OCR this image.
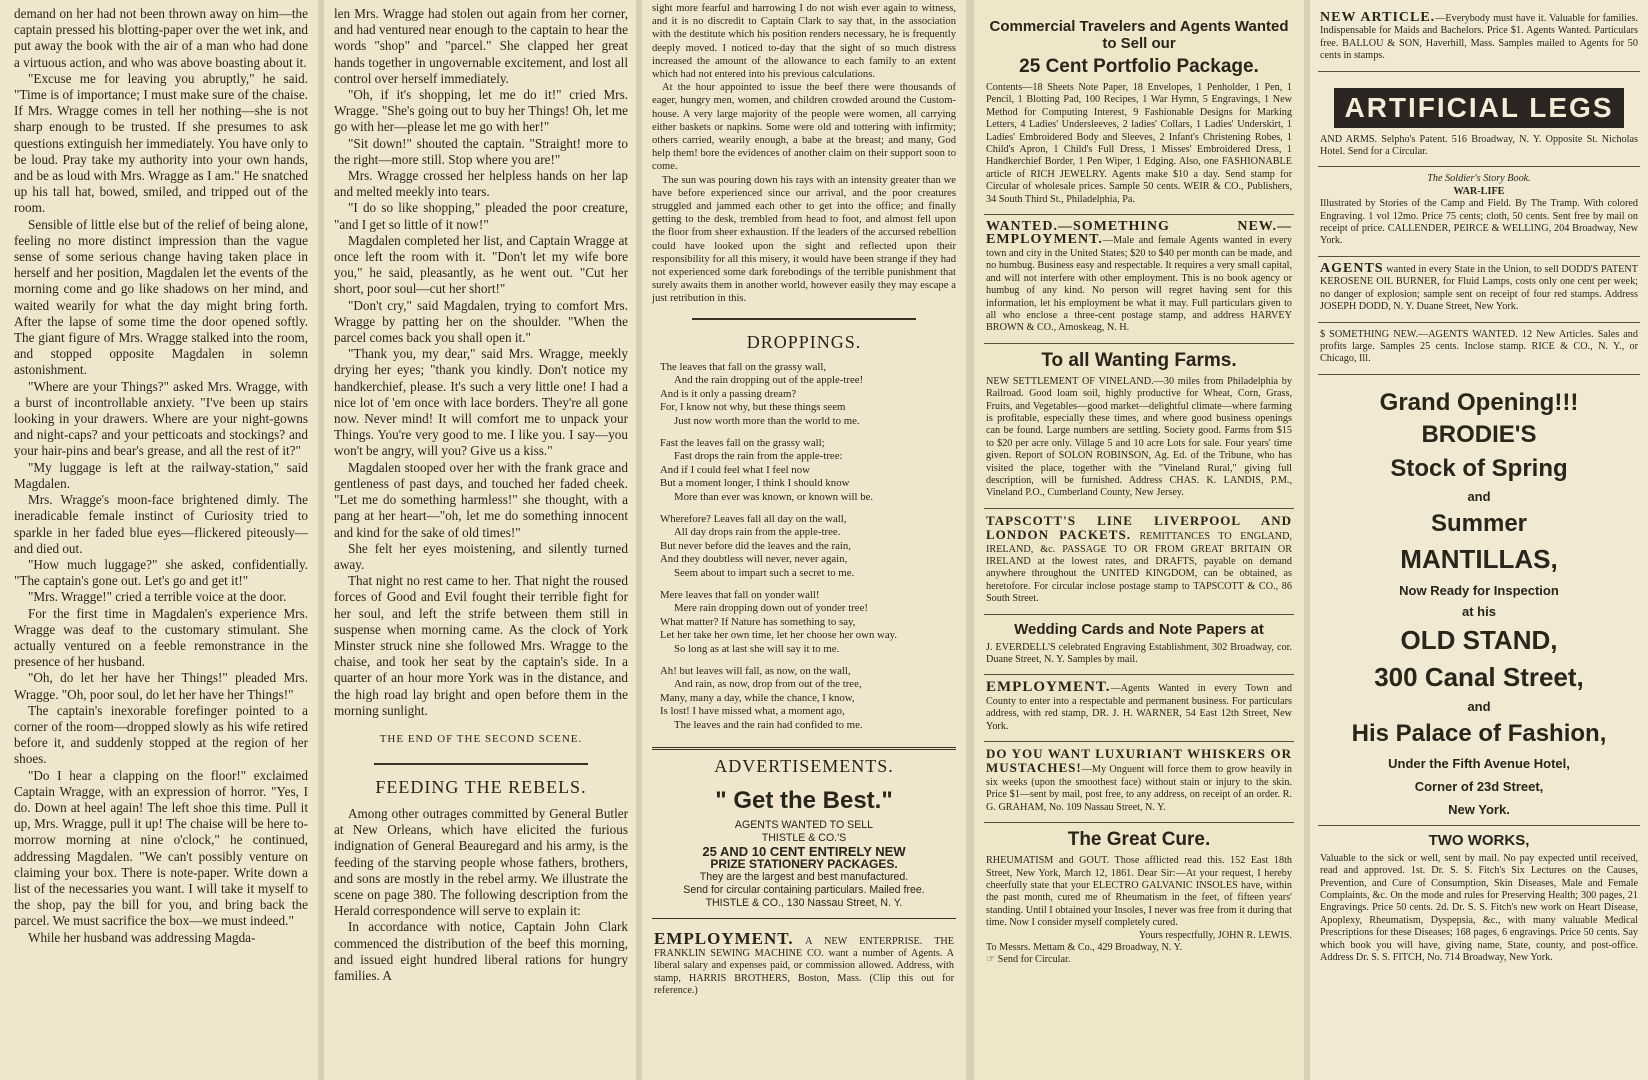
demand on her had not been thrown away on him—the captain pressed his blotting-paper over the wet ink, and put away the book with the air of a man who had done a virtuous action, and who was above boasting about it.

"Excuse me for leaving you abruptly," he said. "Time is of importance; I must make sure of the chaise. If Mrs. Wragge comes in tell her nothing—she is not sharp enough to be trusted. If she presumes to ask questions extinguish her immediately. You have only to be loud. Pray take my authority into your own hands, and be as loud with Mrs. Wragge as I am." He snatched up his tall hat, bowed, smiled, and tripped out of the room.

Sensible of little else but of the relief of being alone, feeling no more distinct impression than the vague sense of some serious change having taken place in herself and her position, Magdalen let the events of the morning come and go like shadows on her mind, and waited wearily for what the day might bring forth. After the lapse of some time the door opened softly. The giant figure of Mrs. Wragge stalked into the room, and stopped opposite Magdalen in solemn astonishment.

"Where are your Things?" asked Mrs. Wragge, with a burst of incontrollable anxiety. "I've been up stairs looking in your drawers. Where are your night-gowns and night-caps? and your petticoats and stockings? and your hair-pins and bear's grease, and all the rest of it?"

"My luggage is left at the railway-station," said Magdalen.

Mrs. Wragge's moon-face brightened dimly. The ineradicable female instinct of Curiosity tried to sparkle in her faded blue eyes—flickered piteously—and died out.

"How much luggage?" she asked, confidentially. "The captain's gone out. Let's go and get it!"

"Mrs. Wragge!" cried a terrible voice at the door.

For the first time in Magdalen's experience Mrs. Wragge was deaf to the customary stimulant. She actually ventured on a feeble remonstrance in the presence of her husband.

"Oh, do let her have her Things!" pleaded Mrs. Wragge. "Oh, poor soul, do let her have her Things!"

The captain's inexorable forefinger pointed to a corner of the room—dropped slowly as his wife retired before it, and suddenly stopped at the region of her shoes.

"Do I hear a clapping on the floor!" exclaimed Captain Wragge, with an expression of horror. "Yes, I do. Down at heel again! The left shoe this time. Pull it up, Mrs. Wragge, pull it up! The chaise will be here to-morrow morning at nine o'clock," he continued, addressing Magdalen. "We can't possibly venture on claiming your box. There is note-paper. Write down a list of the necessaries you want. I will take it myself to the shop, pay the bill for you, and bring back the parcel. We must sacrifice the box—we must indeed."

While her husband was addressing Magda-

len Mrs. Wragge had stolen out again from her corner, and had ventured near enough to the captain to hear the words "shop" and "parcel." She clapped her great hands together in ungovernable excitement, and lost all control over herself immediately.

"Oh, if it's shopping, let me do it!" cried Mrs. Wragge. "She's going out to buy her Things! Oh, let me go with her—please let me go with her!"

"Sit down!" shouted the captain. "Straight! more to the right—more still. Stop where you are!"

Mrs. Wragge crossed her helpless hands on her lap and melted meekly into tears.

"I do so like shopping," pleaded the poor creature, "and I get so little of it now!"

Magdalen completed her list, and Captain Wragge at once left the room with it. "Don't let my wife bore you," he said, pleasantly, as he went out. "Cut her short, poor soul—cut her short!"

"Don't cry," said Magdalen, trying to comfort Mrs. Wragge by patting her on the shoulder. "When the parcel comes back you shall open it."

"Thank you, my dear," said Mrs. Wragge, meekly drying her eyes; "thank you kindly. Don't notice my handkerchief, please. It's such a very little one! I had a nice lot of 'em once with lace borders. They're all gone now. Never mind! It will comfort me to unpack your Things. You're very good to me. I like you. I say—you won't be angry, will you? Give us a kiss."

Magdalen stooped over her with the frank grace and gentleness of past days, and touched her faded cheek. "Let me do something harmless!" she thought, with a pang at her heart—"oh, let me do something innocent and kind for the sake of old times!"

She felt her eyes moistening, and silently turned away.

That night no rest came to her. That night the roused forces of Good and Evil fought their terrible fight for her soul, and left the strife between them still in suspense when morning came. As the clock of York Minster struck nine she followed Mrs. Wragge to the chaise, and took her seat by the captain's side. In a quarter of an hour more York was in the distance, and the high road lay bright and open before them in the morning sunlight.

THE END OF THE SECOND SCENE.
FEEDING THE REBELS.

Among other outrages committed by General Butler at New Orleans, which have elicited the furious indignation of General Beauregard and his army, is the feeding of the starving people whose fathers, brothers, and sons are mostly in the rebel army. We illustrate the scene on page 380. The following description from the Herald correspondence will serve to explain it:

In accordance with notice, Captain John Clark commenced the distribution of the beef this morning, and issued eight hundred liberal rations for hungry families. A

sight more fearful and harrowing I do not wish ever again to witness, and it is no discredit to Captain Clark to say that, in the association with the destitute which his position renders necessary, he is frequently deeply moved. I noticed to-day that the sight of so much distress increased the amount of the allowance to each family to an extent which had not entered into his previous calculations.

At the hour appointed to issue the beef there were thousands of eager, hungry men, women, and children crowded around the Custom-house. A very large majority of the people were women, all carrying either baskets or napkins. Some were old and tottering with infirmity; others carried, wearily enough, a babe at the breast; and many, God help them! bore the evidences of another claim on their support soon to come.

The sun was pouring down his rays with an intensity greater than we have before experienced since our arrival, and the poor creatures struggled and jammed each other to get into the office; and finally getting to the desk, trembled from head to foot, and almost fell upon the floor from sheer exhaustion. If the leaders of the accursed rebellion could have looked upon the sight and reflected upon their responsibility for all this misery, it would have been strange if they had not experienced some dark forebodings of the terrible punishment that surely awaits them in another world, however easily they may escape a just retribution in this.

DROPPINGS.
The leaves that fall on the grassy wall,
And the rain dropping out of the apple-tree!
And is it only a passing dream?
For, I know not why, but these things seem
Just now worth more than the world to me.
Fast the leaves fall on the grassy wall;
Fast drops the rain from the apple-tree:
And if I could feel what I feel now
But a moment longer, I think I should know
More than ever was known, or known will be.
Wherefore? Leaves fall all day on the wall,
All day drops rain from the apple-tree.
But never before did the leaves and the rain,
And they doubtless will never, never again,
Seem about to impart such a secret to me.
Mere leaves that fall on yonder wall!
Mere rain dropping down out of yonder tree!
What matter? If Nature has something to say,
Let her take her own time, let her choose her own way.
So long as at last she will say it to me.
Ah! but leaves will fall, as now, on the wall,
And rain, as now, drop from out of the tree,
Many, many a day, while the chance, I know,
Is lost! I have missed what, a moment ago,
The leaves and the rain had confided to me.
ADVERTISEMENTS.
" Get the Best."
AGENTS WANTED TO SELL
THISTLE & CO.'S
25 AND 10 CENT ENTIRELY NEW
PRIZE STATIONERY PACKAGES.
They are the largest and best manufactured.
Send for circular containing particulars. Mailed free.
THISTLE & CO., 130 Nassau Street, N. Y.

EMPLOYMENT. A NEW ENTERPRISE. THE FRANKLIN SEWING MACHINE CO. want a number of Agents. A liberal salary and expenses paid, or commission allowed. Address, with stamp, HARRIS BROTHERS, Boston, Mass. (Clip this out for reference.)

Commercial Travelers and Agents Wanted to Sell our
25 Cent Portfolio Package.

Contents—18 Sheets Note Paper, 18 Envelopes, 1 Penholder, 1 Pen, 1 Pencil, 1 Blotting Pad, 100 Recipes, 1 War Hymn, 5 Engravings, 1 New Method for Computing Interest, 9 Fashionable Designs for Marking Letters, 4 Ladies' Undersleeves, 2 ladies' Collars, 1 Ladies' Underskirt, 1 Ladies' Embroidered Body and Sleeves, 2 Infant's Christening Robes, 1 Child's Apron, 1 Child's Full Dress, 1 Misses' Embroidered Dress, 1 Handkerchief Border, 1 Pen Wiper, 1 Edging. Also, one FASHIONABLE article of RICH JEWELRY. Agents make $10 a day. Send stamp for Circular of wholesale prices. Sample 50 cents. WEIR & CO., Publishers, 34 South Third St., Philadelphia, Pa.

WANTED.—SOMETHING NEW.—EMPLOYMENT.—Male and female Agents wanted in every town and city in the United States; $20 to $40 per month can be made, and no humbug. Business easy and respectable. It requires a very small capital, and will not interfere with other employment. This is no book agency or humbug of any kind. No person will regret having sent for this information, let his employment be what it may. Full particulars given to all who enclose a three-cent postage stamp, and address HARVEY BROWN & CO., Amoskeag, N. H.

To all Wanting Farms.

NEW SETTLEMENT OF VINELAND.—30 miles from Philadelphia by Railroad. Good loam soil, highly productive for Wheat, Corn, Grass, Fruits, and Vegetables—good market—delightful climate—where farming is profitable, especially these times, and where good business openings can be found. Large numbers are settling. Society good. Farms from $15 to $20 per acre only. Village 5 and 10 acre Lots for sale. Four years' time given. Report of SOLON ROBINSON, Ag. Ed. of the Tribune, who has visited the place, together with the "Vineland Rural," giving full description, will be furnished. Address CHAS. K. LANDIS, P.M., Vineland P.O., Cumberland County, New Jersey.

TAPSCOTT'S LINE LIVERPOOL AND LONDON PACKETS. REMITTANCES TO ENGLAND, IRELAND, &c. PASSAGE TO OR FROM GREAT BRITAIN OR IRELAND at the lowest rates, and DRAFTS, payable on demand anywhere throughout the UNITED KINGDOM, can be obtained, as heretofore. For circular inclose postage stamp to TAPSCOTT & CO., 86 South Street.

Wedding Cards and Note Papers at

J. EVERDELL'S celebrated Engraving Establishment, 302 Broadway, cor. Duane Street, N. Y. Samples by mail.

EMPLOYMENT.—Agents Wanted in every Town and County to enter into a respectable and permanent business. For particulars address, with red stamp, DR. J. H. WARNER, 54 East 12th Street, New York.

DO YOU WANT LUXURIANT WHISKERS OR MUSTACHES!—My Onguent will force them to grow heavily in six weeks (upon the smoothest face) without stain or injury to the skin. Price $1—sent by mail, post free, to any address, on receipt of an order. R. G. GRAHAM, No. 109 Nassau Street, N. Y.

The Great Cure.

RHEUMATISM and GOUT. Those afflicted read this. 152 East 18th Street, New York, March 12, 1861. Dear Sir:—At your request, I hereby cheerfully state that your ELECTRO GALVANIC INSOLES have, within the past month, cured me of Rheumatism in the feet, of fifteen years' standing. Until I obtained your Insoles, I never was free from it during that time. Now I consider myself completely cured.

Yours respectfully, JOHN R. LEWIS.

To Messrs. Mettam & Co., 429 Broadway, N. Y.

☞ Send for Circular.

NEW ARTICLE.—Everybody must have it. Valuable for families. Indispensable for Maids and Bachelors. Price $1. Agents Wanted. Particulars free. BALLOU & SON, Haverhill, Mass. Samples mailed to Agents for 50 cents in stamps.

ARTIFICIAL LEGS

AND ARMS. Selpho's Patent. 516 Broadway, N. Y. Opposite St. Nicholas Hotel. Send for a Circular.

The Soldier's Story Book.

WAR-LIFE

Illustrated by Stories of the Camp and Field. By The Tramp. With colored Engraving. 1 vol 12mo. Price 75 cents; cloth, 50 cents. Sent free by mail on receipt of price. CALLENDER, PEIRCE & WELLING, 204 Broadway, New York.

AGENTS wanted in every State in the Union, to sell DODD'S PATENT KEROSENE OIL BURNER, for Fluid Lamps, costs only one cent per week; no danger of explosion; sample sent on receipt of four red stamps. Address JOSEPH DODD, N. Y. Duane Street, New York.

$ SOMETHING NEW.—AGENTS WANTED. 12 New Articles. Sales and profits large. Samples 25 cents. Inclose stamp. RICE & CO., N. Y., or Chicago, Ill.

Grand Opening!!!
BRODIE'S
Stock of Spring
and
Summer
MANTILLAS,
Now Ready for Inspection
at his
OLD STAND,
300 Canal Street,
and
His Palace of Fashion,
Under the Fifth Avenue Hotel,
Corner of 23d Street,
New York.
TWO WORKS,

Valuable to the sick or well, sent by mail. No pay expected until received, read and approved. 1st. Dr. S. S. Fitch's Six Lectures on the Causes, Prevention, and Cure of Consumption, Skin Diseases, Male and Female Complaints, &c. On the mode and rules for Preserving Health; 300 pages, 21 Engravings. Price 50 cents. 2d. Dr. S. S. Fitch's new work on Heart Disease, Apoplexy, Rheumatism, Dyspepsia, &c., with many valuable Medical Prescriptions for these Diseases; 168 pages, 6 engravings. Price 50 cents. Say which book you will have, giving name, State, county, and post-office. Address Dr. S. S. FITCH, No. 714 Broadway, New York.
